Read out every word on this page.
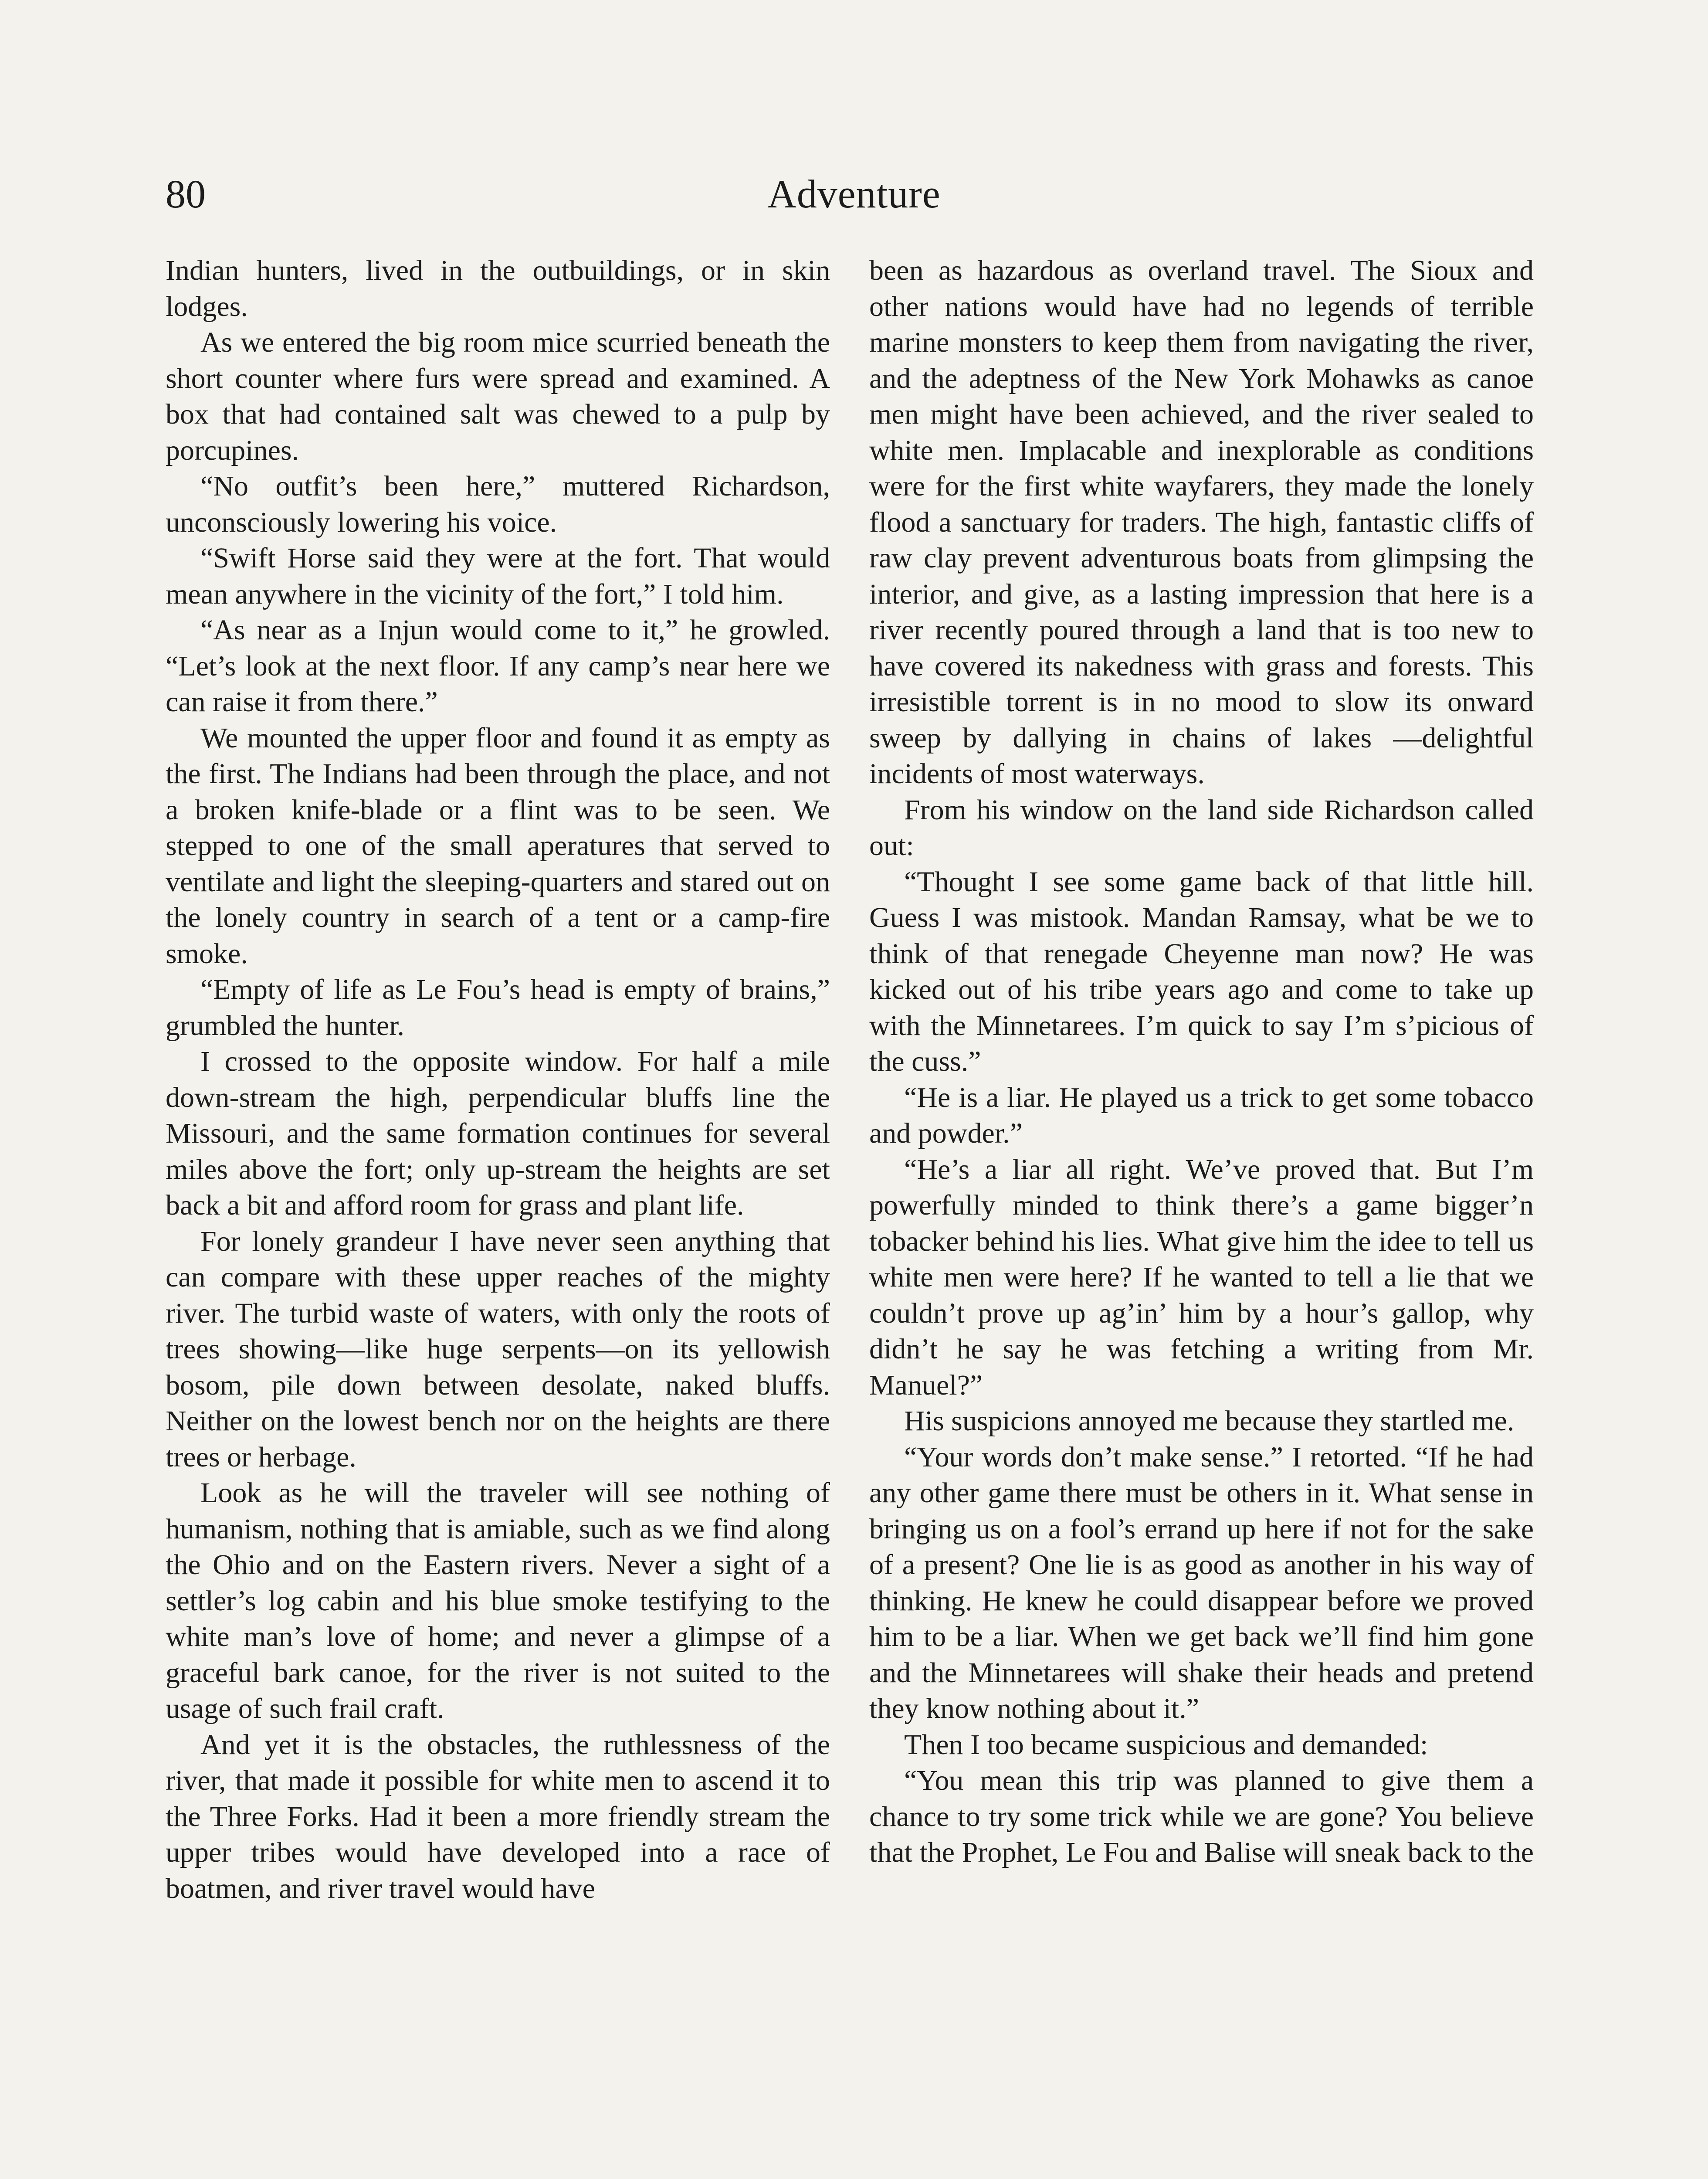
80	Adventure

Indian hunters, lived in the outbuildings, or in skin lodges.

As we entered the big room mice scurried beneath the short counter where furs were spread and examined. A box that had contained salt was chewed to a pulp by porcupines.

“No outfit’s been here,” muttered Richardson, unconsciously lowering his voice.

“Swift Horse said they were at the fort. That would mean anywhere in the vicinity of the fort,” I told him.

“As near as a Injun would come to it,” he growled. “Let’s look at the next floor. If any camp’s near here we can raise it from there.”

We mounted the upper floor and found it as empty as the first. The Indians had been through the place, and not a broken knife-blade or a flint was to be seen. We stepped to one of the small aperatures that served to ventilate and light the sleeping-quarters and stared out on the lonely country in search of a tent or a camp-fire smoke.

“Empty of life as Le Fou’s head is empty of brains,” grumbled the hunter.

I crossed to the opposite window. For half a mile down-stream the high, perpendicular bluffs line the Missouri, and the same formation continues for several miles above the fort; only up-stream the heights are set back a bit and afford room for grass and plant life.

For lonely grandeur I have never seen anything that can compare with these upper reaches of the mighty river. The turbid waste of waters, with only the roots of trees showing—like huge serpents—on its yellowish bosom, pile down between desolate, naked bluffs. Neither on the lowest bench nor on the heights are there trees or herbage.

Look as he will the traveler will see nothing of humanism, nothing that is amiable, such as we find along the Ohio and on the Eastern rivers. Never a sight of a settler’s log cabin and his blue smoke testifying to the white man’s love of home; and never a glimpse of a graceful bark canoe, for the river is not suited to the usage of such frail craft.

And yet it is the obstacles, the ruthlessness of the river, that made it possible for white men to ascend it to the Three Forks. Had it been a more friendly stream the upper tribes would have developed into a race of boatmen, and river travel would have

been as hazardous as overland travel. The Sioux and other nations would have had no legends of terrible marine monsters to keep them from navigating the river, and the adeptness of the New York Mohawks as canoe men might have been achieved, and the river sealed to white men. Implacable and inexplorable as conditions were for the first white wayfarers, they made the lonely flood a sanctuary for traders. The high, fantastic cliffs of raw clay prevent adventurous boats from glimpsing the interior, and give, as a lasting impression that here is a river recently poured through a land that is too new to have covered its nakedness with grass and forests. This irresistible torrent is in no mood to slow its onward sweep by dallying in chains of lakes —delightful incidents of most waterways.

From his window on the land side Richardson called out:

“Thought I see some game back of that little hill. Guess I was mistook. Mandan Ramsay, what be we to think of that renegade Cheyenne man now? He was kicked out of his tribe years ago and come to take up with the Minnetarees. I’m quick to say I’m s’picious of the cuss.”

“He is a liar. He played us a trick to get some tobacco and powder.”

“He’s a liar all right. We’ve proved that. But I’m powerfully minded to think there’s a game bigger’n tobacker behind his lies. What give him the idee to tell us white men were here? If he wanted to tell a lie that we couldn’t prove up ag’in’ him by a hour’s gallop, why didn’t he say he was fetching a writing from Mr. Manuel?”

His suspicions annoyed me because they startled me.

“Your words don’t make sense.” I retorted. “If he had any other game there must be others in it. What sense in bringing us on a fool’s errand up here if not for the sake of a present? One lie is as good as another in his way of thinking. He knew he could disappear before we proved him to be a liar. When we get back we’ll find him gone and the Minnetarees will shake their heads and pretend they know nothing about it.”

Then I too became suspicious and demanded:

“You mean this trip was planned to give them a chance to try some trick while we are gone? You believe that the Prophet, Le Fou and Balise will sneak back to the
